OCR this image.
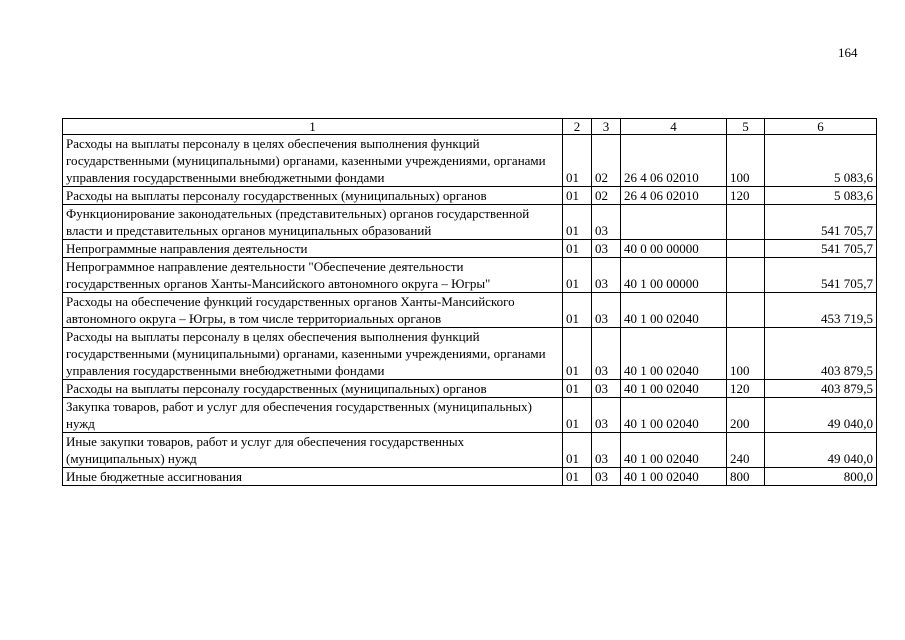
164
1	2	3	4	5	6
Расходы на выплаты персоналу в целях обеспечения выполнения функций государственными (муниципальными) органами, казенными учреждениями, органами управления государственными внебюджетными фондами	01	02	26 4 06 02010	100	5 083,6
Расходы на выплаты персоналу государственных (муниципальных) органов	01	02	26 4 06 02010	120	5 083,6
Функционирование законодательных (представительных) органов государственной власти и представительных органов муниципальных образований	01	03			541 705,7
Непрограммные направления деятельности	01	03	40 0 00 00000		541 705,7
Непрограммное направление деятельности "Обеспечение деятельности государственных органов Ханты-Мансийского автономного округа – Югры"	01	03	40 1 00 00000		541 705,7
Расходы на обеспечение функций государственных органов Ханты-Мансийского автономного округа – Югры, в том числе территориальных органов	01	03	40 1 00 02040		453 719,5
Расходы на выплаты персоналу в целях обеспечения выполнения функций государственными (муниципальными) органами, казенными учреждениями, органами управления государственными внебюджетными фондами	01	03	40 1 00 02040	100	403 879,5
Расходы на выплаты персоналу государственных (муниципальных) органов	01	03	40 1 00 02040	120	403 879,5
Закупка товаров, работ и услуг для обеспечения государственных (муниципальных) нужд	01	03	40 1 00 02040	200	49 040,0
Иные закупки товаров, работ и услуг для обеспечения государственных (муниципальных) нужд	01	03	40 1 00 02040	240	49 040,0
Иные бюджетные ассигнования	01	03	40 1 00 02040	800	800,0
